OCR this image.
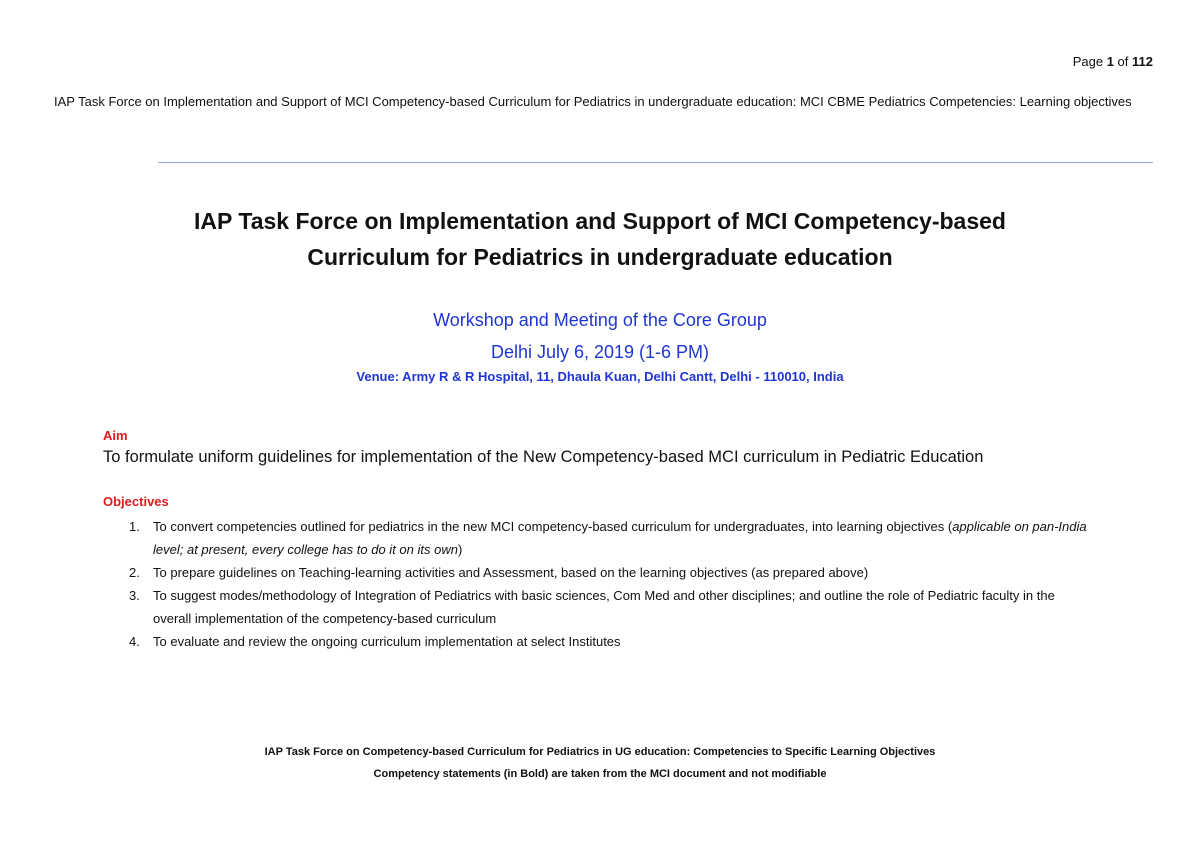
Page 1 of 112
IAP Task Force on Implementation and Support of MCI Competency-based Curriculum for Pediatrics in undergraduate education: MCI CBME Pediatrics Competencies: Learning objectives
IAP Task Force on Implementation and Support of MCI Competency-based
Curriculum for Pediatrics in undergraduate education
Workshop and Meeting of the Core Group
Delhi July 6, 2019 (1-6 PM)
Venue: Army R & R Hospital, 11, Dhaula Kuan, Delhi Cantt, Delhi - 110010, India
Aim
To formulate uniform guidelines for implementation of the New Competency-based MCI curriculum in Pediatric Education
Objectives
1. To convert competencies outlined for pediatrics in the new MCI competency-based curriculum for undergraduates, into learning objectives (applicable on pan-India level; at present, every college has to do it on its own)
2. To prepare guidelines on Teaching-learning activities and Assessment, based on the learning objectives (as prepared above)
3. To suggest modes/methodology of Integration of Pediatrics with basic sciences, Com Med and other disciplines; and outline the role of Pediatric faculty in the overall implementation of the competency-based curriculum
4. To evaluate and review the ongoing curriculum implementation at select Institutes
IAP Task Force on Competency-based Curriculum for Pediatrics in UG education: Competencies to Specific Learning Objectives
Competency statements (in Bold) are taken from the MCI document and not modifiable
